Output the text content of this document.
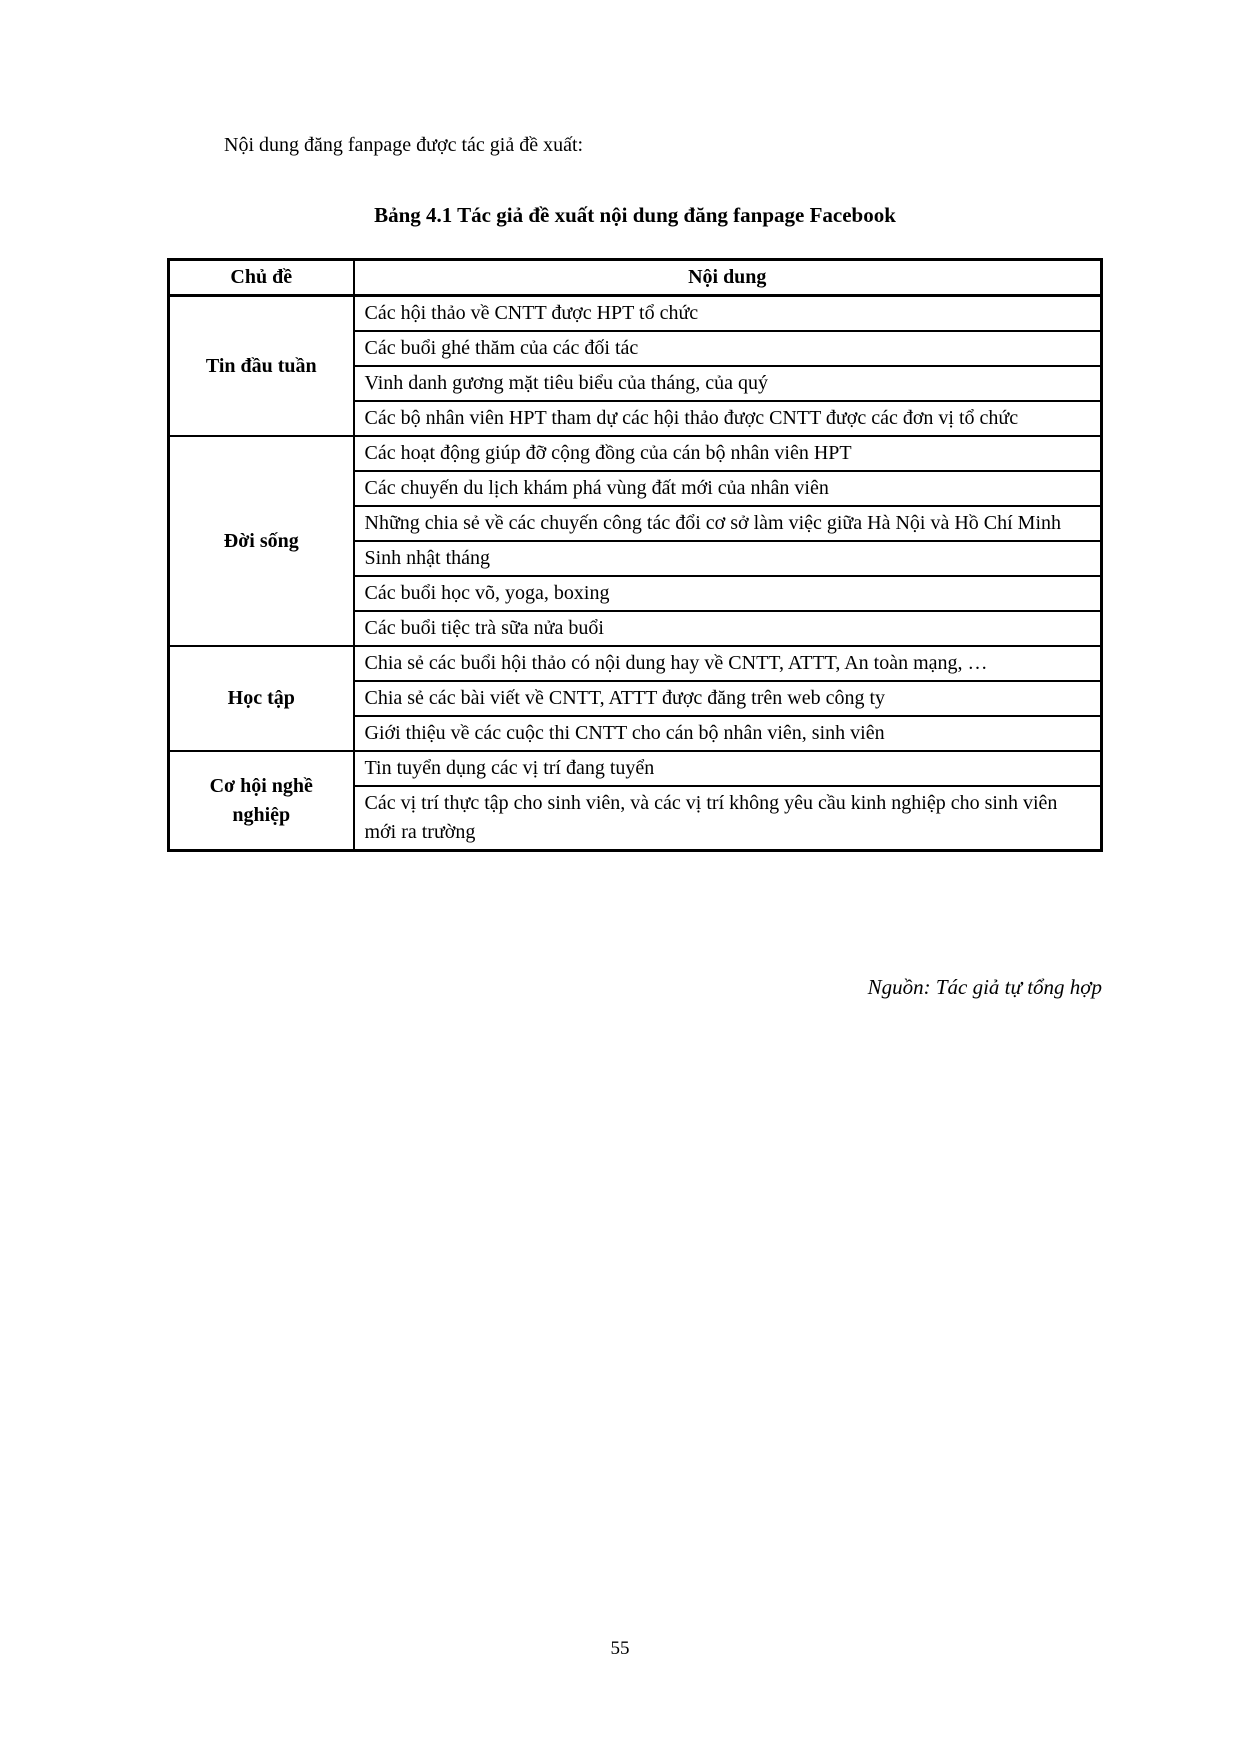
Nội dung đăng fanpage được tác giả đề xuất:

Bảng 4.1 Tác giả đề xuất nội dung đăng fanpage Facebook
Chủ đề	Nội dung
Tin đầu tuần	Các hội thảo về CNTT được HPT tổ chức
	Các buổi ghé thăm của các đối tác
	Vinh danh gương mặt tiêu biểu của tháng, của quý
	Các bộ nhân viên HPT tham dự các hội thảo được CNTT được các đơn vị tổ chức
Đời sống	Các hoạt động giúp đỡ cộng đồng của cán bộ nhân viên HPT
	Các chuyến du lịch khám phá vùng đất mới của nhân viên
	Những chia sẻ về các chuyến công tác đổi cơ sở làm việc giữa Hà Nội và Hồ Chí Minh
	Sinh nhật tháng
	Các buổi học võ, yoga, boxing
	Các buổi tiệc trà sữa nửa buổi
Học tập	Chia sẻ các buổi hội thảo có nội dung hay về CNTT, ATTT, An toàn mạng, …
	Chia sẻ các bài viết về CNTT, ATTT được đăng trên web công ty
	Giới thiệu về các cuộc thi CNTT cho cán bộ nhân viên, sinh viên
Cơ hội nghề nghiệp	Tin tuyển dụng các vị trí đang tuyển
	Các vị trí thực tập cho sinh viên, và các vị trí không yêu cầu kinh nghiệp cho sinh viên mới ra trường

Nguồn: Tác giả tự tổng hợp

55
